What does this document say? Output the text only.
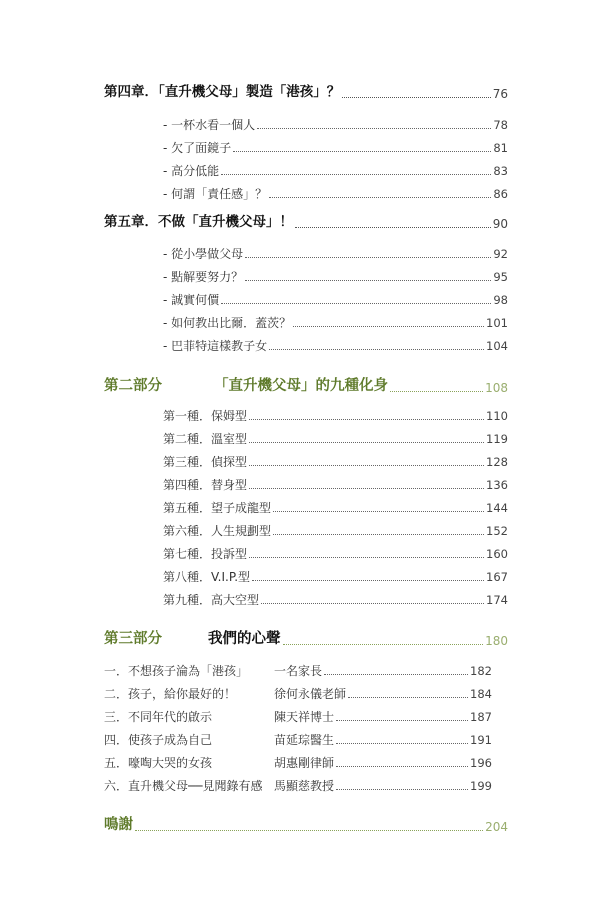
第四章．「直升機父母」製造「港孩」？	76
- 一杯水看一個人	78
- 欠了面鏡子	81
- 高分低能	83
- 何謂「責任感」？	86
第五章．不做「直升機父母」！	90
- 從小學做父母	92
- 點解要努力？	95
- 誠實何價	98
- 如何教出比爾．蓋茨？	101
- 巴菲特這樣教子女	104
第二部分	「直升機父母」的九種化身	108
第一種．保姆型	110
第二種．溫室型	119
第三種．偵探型	128
第四種．替身型	136
第五種．望子成龍型	144
第六種．人生規劃型	152
第七種．投訴型	160
第八種．V.I.P.型	167
第九種．高大空型	174
第三部分	我們的心聲	180
一．不想孩子淪為「港孩」 一名家長	182
二．孩子，給你最好的！	徐何永儀老師	184
三．不同年代的啟示	陳天祥博士	187
四．使孩子成為自己	苗延琮醫生	191
五．嚎啕大哭的女孩	胡惠剛律師	196
六．直升機父母──見聞錄有感 馬顯慈教授	199
鳴謝	204
